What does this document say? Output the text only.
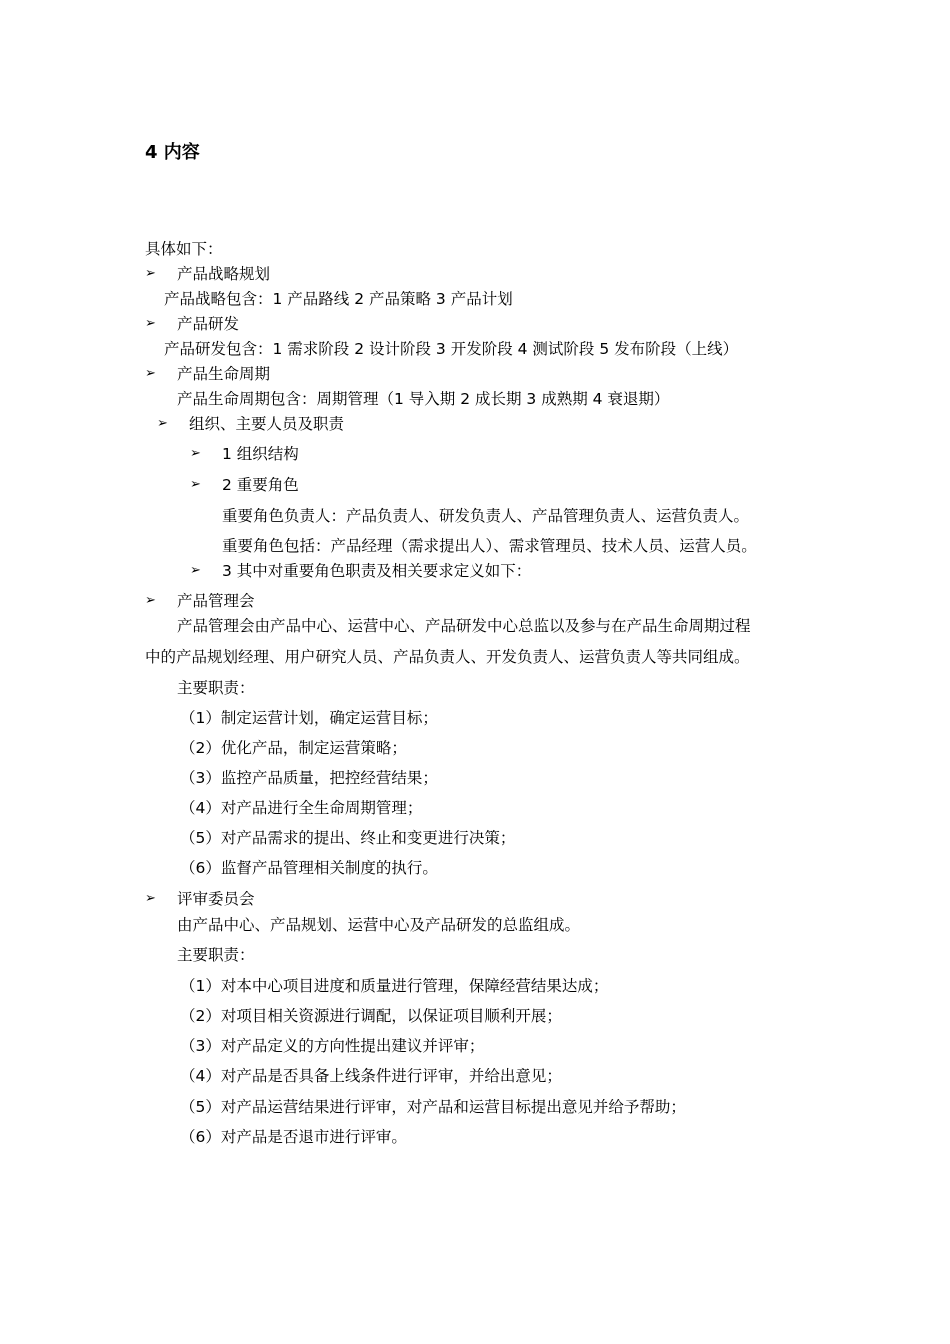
4 内容
具体如下：
➢ 产品战略规划
产品战略包含：1 产品路线 2 产品策略 3 产品计划
➢ 产品研发
产品研发包含：1 需求阶段 2 设计阶段 3 开发阶段 4 测试阶段 5 发布阶段（上线）
➢ 产品生命周期
产品生命周期包含：周期管理（1 导入期 2 成长期 3 成熟期 4 衰退期）
➢ 组织、主要人员及职责
➢ 1 组织结构
➢ 2 重要角色
重要角色负责人：产品负责人、研发负责人、产品管理负责人、运营负责人。
重要角色包括：产品经理（需求提出人）、需求管理员、技术人员、运营人员。
➢ 3 其中对重要角色职责及相关要求定义如下：
➢ 产品管理会
产品管理会由产品中心、运营中心、产品研发中心总监以及参与在产品生命周期过程
中的产品规划经理、用户研究人员、产品负责人、开发负责人、运营负责人等共同组成。
主要职责：
（1）制定运营计划，确定运营目标；
（2）优化产品，制定运营策略；
（3）监控产品质量，把控经营结果；
（4）对产品进行全生命周期管理；
（5）对产品需求的提出、终止和变更进行决策；
（6）监督产品管理相关制度的执行。
➢ 评审委员会
由产品中心、产品规划、运营中心及产品研发的总监组成。
主要职责：
（1）对本中心项目进度和质量进行管理，保障经营结果达成；
（2）对项目相关资源进行调配，以保证项目顺利开展；
（3）对产品定义的方向性提出建议并评审；
（4）对产品是否具备上线条件进行评审，并给出意见；
（5）对产品运营结果进行评审，对产品和运营目标提出意见并给予帮助；
（6）对产品是否退市进行评审。
